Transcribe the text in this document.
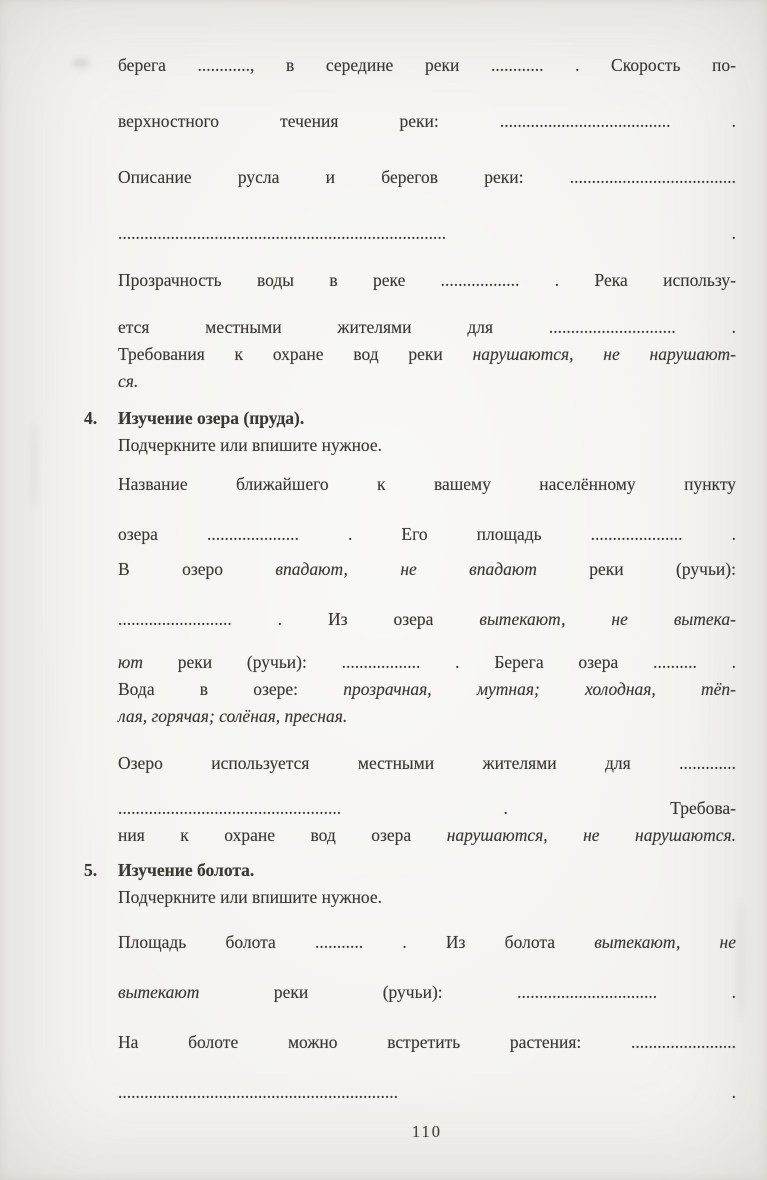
берега ............, в середине реки ............ . Скорость по-

верхностного течения реки: ....................................... .

Описание русла и берегов реки: ......................................

........................................................................... .

Прозрачность воды в реке .................. . Река использу-

ется местными жителями для ............................. .

Требования к охране вод реки нарушаются, не нарушают-

ся.

4. Изучение озера (пруда).

Подчеркните или впишите нужное.

Название ближайшего к вашему населённому пункту

озера ..................... . Его площадь ..................... .

В озеро впадают, не впадают реки (ручьи):

.......................... . Из озера вытекают, не вытека-

ют реки (ручьи): .................. . Берега озера .......... .

Вода в озере: прозрачная, мутная; холодная, тёп-

лая, горячая; солёная, пресная.

Озеро используется местными жителями для .............

................................................... . Требова-

ния к охране вод озера нарушаются, не нарушаются.

5. Изучение болота.

Подчеркните или впишите нужное.

Площадь болота ........... . Из болота вытекают, не

вытекают реки (ручьи): ................................ .

На болоте можно встретить растения: ........................

................................................................ .

110
